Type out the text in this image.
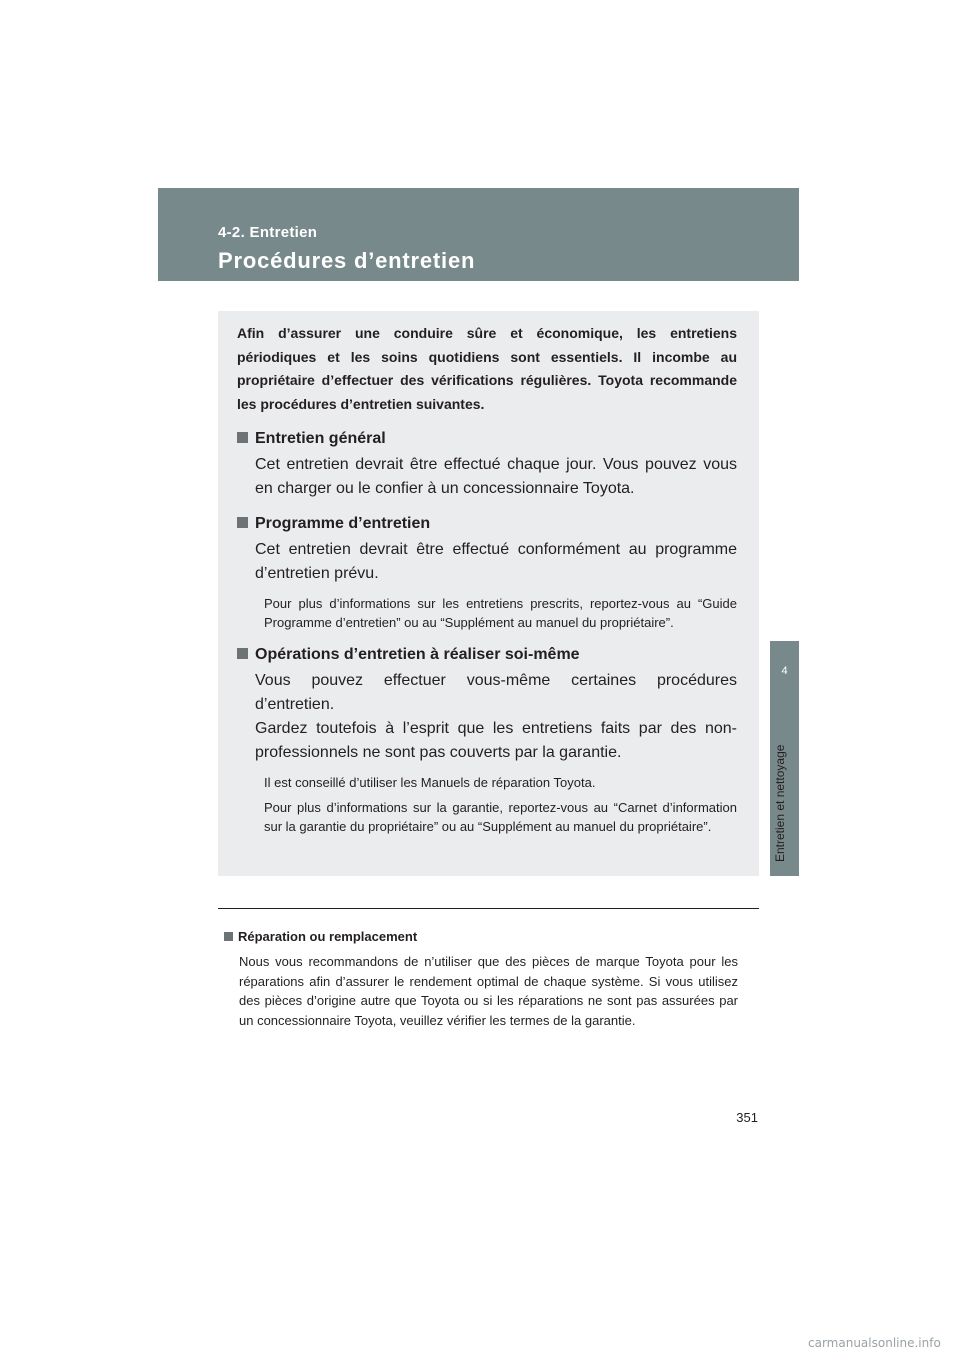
4-2. Entretien
Procédures d’entretien
4
Entretien et nettoyage

Afin d’assurer une conduire sûre et économique, les entretiens périodiques et les soins quotidiens sont essentiels. Il incombe au propriétaire d’effectuer des vérifications régulières. Toyota recommande les procédures d’entretien suivantes.

Entretien général
Cet entretien devrait être effectué chaque jour. Vous pouvez vous en charger ou le confier à un concessionnaire Toyota.
Programme d’entretien
Cet entretien devrait être effectué conformément au programme d’entretien prévu.
Pour plus d’informations sur les entretiens prescrits, reportez-vous au “Guide Programme d’entretien” ou au “Supplément au manuel du propriétaire”.
Opérations d’entretien à réaliser soi-même
Vous pouvez effectuer vous-même certaines procédures d’entretien.
Gardez toutefois à l’esprit que les entretiens faits par des non-professionnels ne sont pas couverts par la garantie.
Il est conseillé d’utiliser les Manuels de réparation Toyota.
Pour plus d’informations sur la garantie, reportez-vous au “Carnet d’information sur la garantie du propriétaire” ou au “Supplément au manuel du propriétaire”.
Réparation ou remplacement
Nous vous recommandons de n’utiliser que des pièces de marque Toyota pour les réparations afin d’assurer le rendement optimal de chaque système. Si vous utilisez des pièces d’origine autre que Toyota ou si les réparations ne sont pas assurées par un concessionnaire Toyota, veuillez vérifier les termes de la garantie.
351
carmanualsonline.info
